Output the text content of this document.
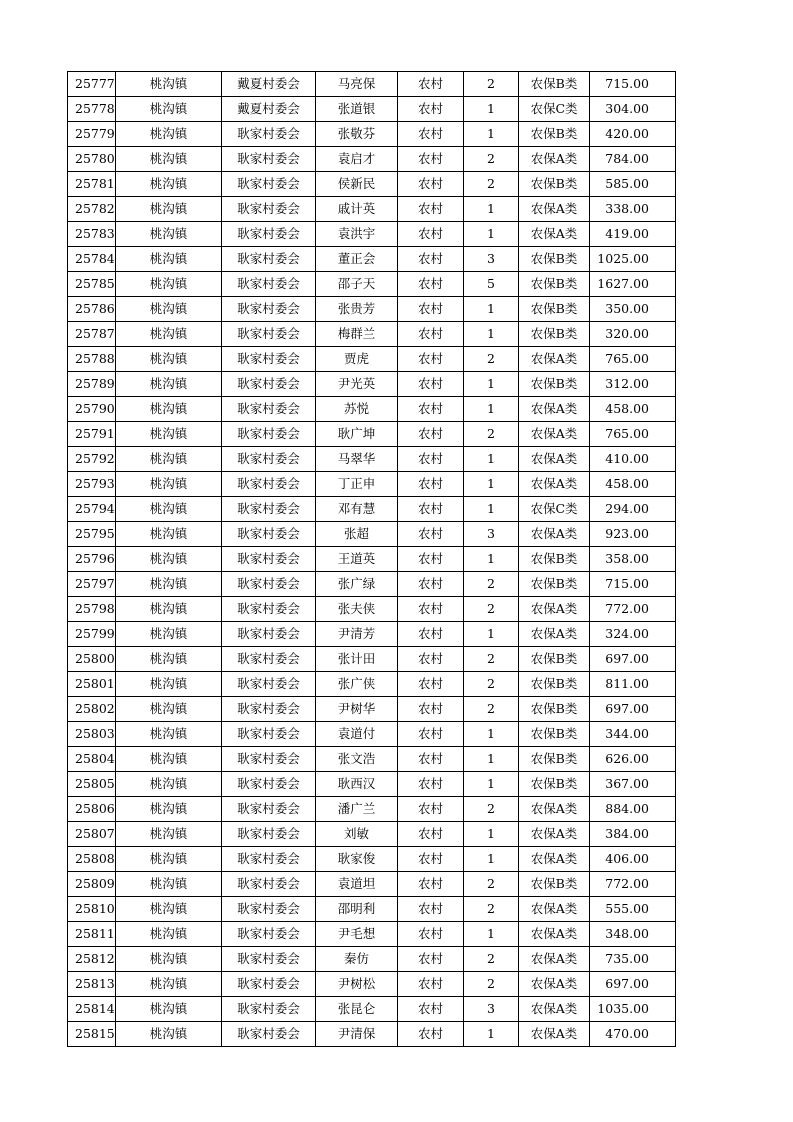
25777	桃沟镇	戴夏村委会	马亮保	农村	2	农保B类	715.00
25778	桃沟镇	戴夏村委会	张道银	农村	1	农保C类	304.00
25779	桃沟镇	耿家村委会	张敬芬	农村	1	农保B类	420.00
25780	桃沟镇	耿家村委会	袁启才	农村	2	农保A类	784.00
25781	桃沟镇	耿家村委会	侯新民	农村	2	农保B类	585.00
25782	桃沟镇	耿家村委会	戚计英	农村	1	农保A类	338.00
25783	桃沟镇	耿家村委会	袁洪宇	农村	1	农保A类	419.00
25784	桃沟镇	耿家村委会	董正会	农村	3	农保B类	1025.00
25785	桃沟镇	耿家村委会	邵子天	农村	5	农保B类	1627.00
25786	桃沟镇	耿家村委会	张贵芳	农村	1	农保B类	350.00
25787	桃沟镇	耿家村委会	梅群兰	农村	1	农保B类	320.00
25788	桃沟镇	耿家村委会	贾虎	农村	2	农保A类	765.00
25789	桃沟镇	耿家村委会	尹光英	农村	1	农保B类	312.00
25790	桃沟镇	耿家村委会	苏悦	农村	1	农保A类	458.00
25791	桃沟镇	耿家村委会	耿广坤	农村	2	农保A类	765.00
25792	桃沟镇	耿家村委会	马翠华	农村	1	农保A类	410.00
25793	桃沟镇	耿家村委会	丁正申	农村	1	农保A类	458.00
25794	桃沟镇	耿家村委会	邓有慧	农村	1	农保C类	294.00
25795	桃沟镇	耿家村委会	张超	农村	3	农保A类	923.00
25796	桃沟镇	耿家村委会	王道英	农村	1	农保B类	358.00
25797	桃沟镇	耿家村委会	张广绿	农村	2	农保B类	715.00
25798	桃沟镇	耿家村委会	张夫侠	农村	2	农保A类	772.00
25799	桃沟镇	耿家村委会	尹清芳	农村	1	农保A类	324.00
25800	桃沟镇	耿家村委会	张计田	农村	2	农保B类	697.00
25801	桃沟镇	耿家村委会	张广侠	农村	2	农保B类	811.00
25802	桃沟镇	耿家村委会	尹树华	农村	2	农保B类	697.00
25803	桃沟镇	耿家村委会	袁道付	农村	1	农保B类	344.00
25804	桃沟镇	耿家村委会	张文浩	农村	1	农保B类	626.00
25805	桃沟镇	耿家村委会	耿西汉	农村	1	农保B类	367.00
25806	桃沟镇	耿家村委会	潘广兰	农村	2	农保A类	884.00
25807	桃沟镇	耿家村委会	刘敏	农村	1	农保A类	384.00
25808	桃沟镇	耿家村委会	耿家俊	农村	1	农保A类	406.00
25809	桃沟镇	耿家村委会	袁道坦	农村	2	农保B类	772.00
25810	桃沟镇	耿家村委会	邵明利	农村	2	农保A类	555.00
25811	桃沟镇	耿家村委会	尹毛想	农村	1	农保A类	348.00
25812	桃沟镇	耿家村委会	秦仿	农村	2	农保A类	735.00
25813	桃沟镇	耿家村委会	尹树松	农村	2	农保A类	697.00
25814	桃沟镇	耿家村委会	张昆仑	农村	3	农保A类	1035.00
25815	桃沟镇	耿家村委会	尹清保	农村	1	农保A类	470.00
